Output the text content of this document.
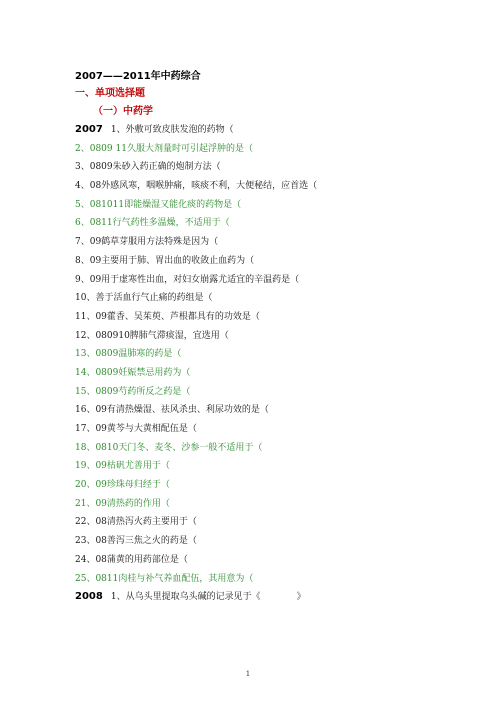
2007——2011年中药综合
一、单项选择题
（一）中药学
2007 1、外敷可致皮肤发泡的药物（
2、0809 11久服大剂量时可引起浮肿的是（
3、0809朱砂入药正确的炮制方法（
4、08外感风寒，咽喉肿痛，咳痰不利，大便秘结，应首选（
5、081011即能燥湿又能化痰的药物是（
6、0811行气药性多温燥，不适用于（
7、09鹤草芽服用方法特殊是因为（
8、09主要用于肺、胃出血的收敛止血药为（
9、09用于虚寒性出血，对妇女崩露尤适宜的辛温药是（
10、善于活血行气止痛的药组是（
11、09藿香、吴茱萸、芦根都具有的功效是（
12、080910脾肺气滞痰湿，宜选用（
13、0809温肺寒的药是（
14、0809妊娠禁忌用药为（
15、0809芍药所反之药是（
16、09有清热燥湿、祛风杀虫、利尿功效的是（
17、09黄芩与大黄相配伍是（
18、0810天门冬、麦冬、沙参一般不适用于（
19、09枯矾尤善用于（
20、09珍珠母归经于（
21、09清热药的作用（
22、08清热泻火药主要用于（
23、08善泻三焦之火的药是（
24、08蒲黄的用药部位是（
25、0811肉桂与补气养血配伍，其用意为（
2008 1、从乌头里提取乌头碱的记录见于《　　　　》
1
